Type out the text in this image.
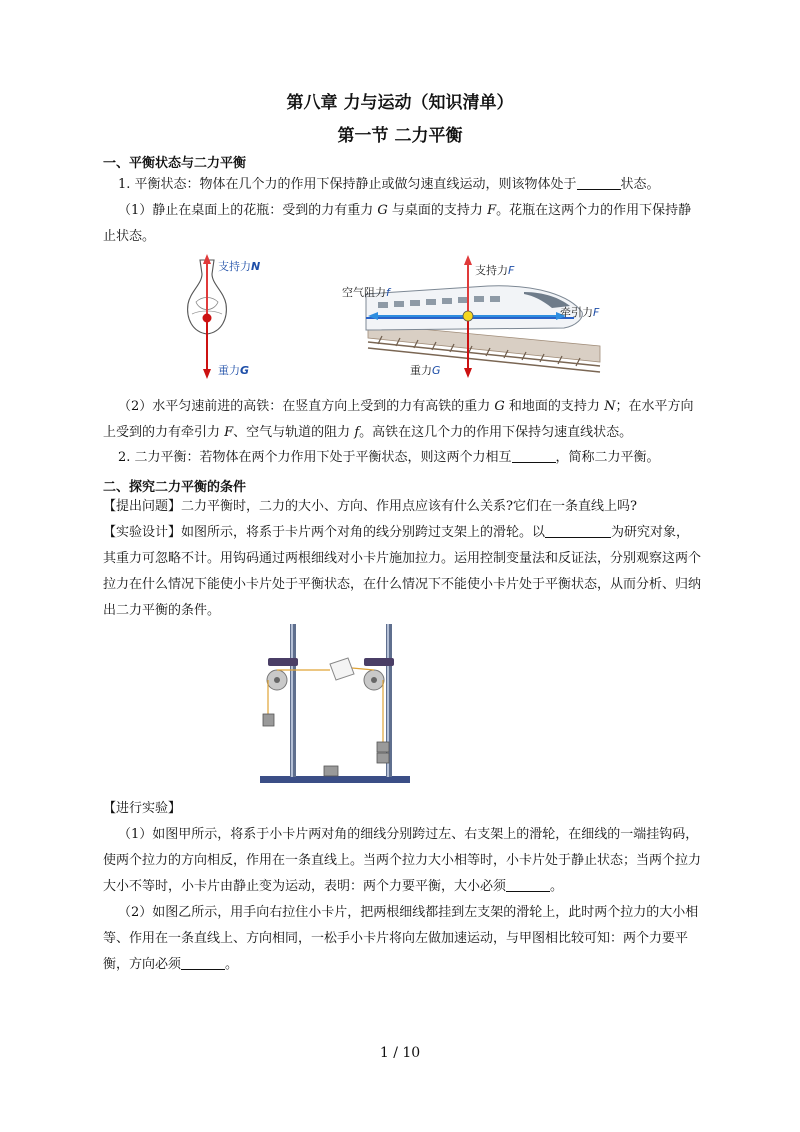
第八章 力与运动（知识清单）
第一节 二力平衡
一、平衡状态与二力平衡
1. 平衡状态：物体在几个力的作用下保持静止或做匀速直线运动，则该物体处于	状态。
（1）静止在桌面上的花瓶：受到的力有重力 G 与桌面的支持力 F。花瓶在这两个力的作用下保持静止状态。
支持力N
重力G
支持力F
空气阻力f
牵引力F
重力G
（2）水平匀速前进的高铁：在竖直方向上受到的力有高铁的重力 G 和地面的支持力 N；在水平方向上受到的力有牵引力 F、空气与轨道的阻力 f。高铁在这几个力的作用下保持匀速直线状态。
2. 二力平衡：若物体在两个力作用下处于平衡状态，则这两个力相互	，简称二力平衡。
二、探究二力平衡的条件
【提出问题】二力平衡时，二力的大小、方向、作用点应该有什么关系?它们在一条直线上吗?
【实验设计】如图所示，将系于卡片两个对角的线分别跨过支架上的滑轮。以	为研究对象，其重力可忽略不计。用钩码通过两根细线对小卡片施加拉力。运用控制变量法和反证法，分别观察这两个拉力在什么情况下能使小卡片处于平衡状态，在什么情况下不能使小卡片处于平衡状态，从而分析、归纳出二力平衡的条件。
【进行实验】
（1）如图甲所示，将系于小卡片两对角的细线分别跨过左、右支架上的滑轮，在细线的一端挂钩码，使两个拉力的方向相反，作用在一条直线上。当两个拉力大小相等时，小卡片处于静止状态；当两个拉力大小不等时，小卡片由静止变为运动，表明：两个力要平衡，大小必须	。
（2）如图乙所示，用手向右拉住小卡片，把两根细线都挂到左支架的滑轮上，此时两个拉力的大小相等、作用在一条直线上、方向相同，一松手小卡片将向左做加速运动，与甲图相比较可知：两个力要平衡，方向必须	。
1 / 10
